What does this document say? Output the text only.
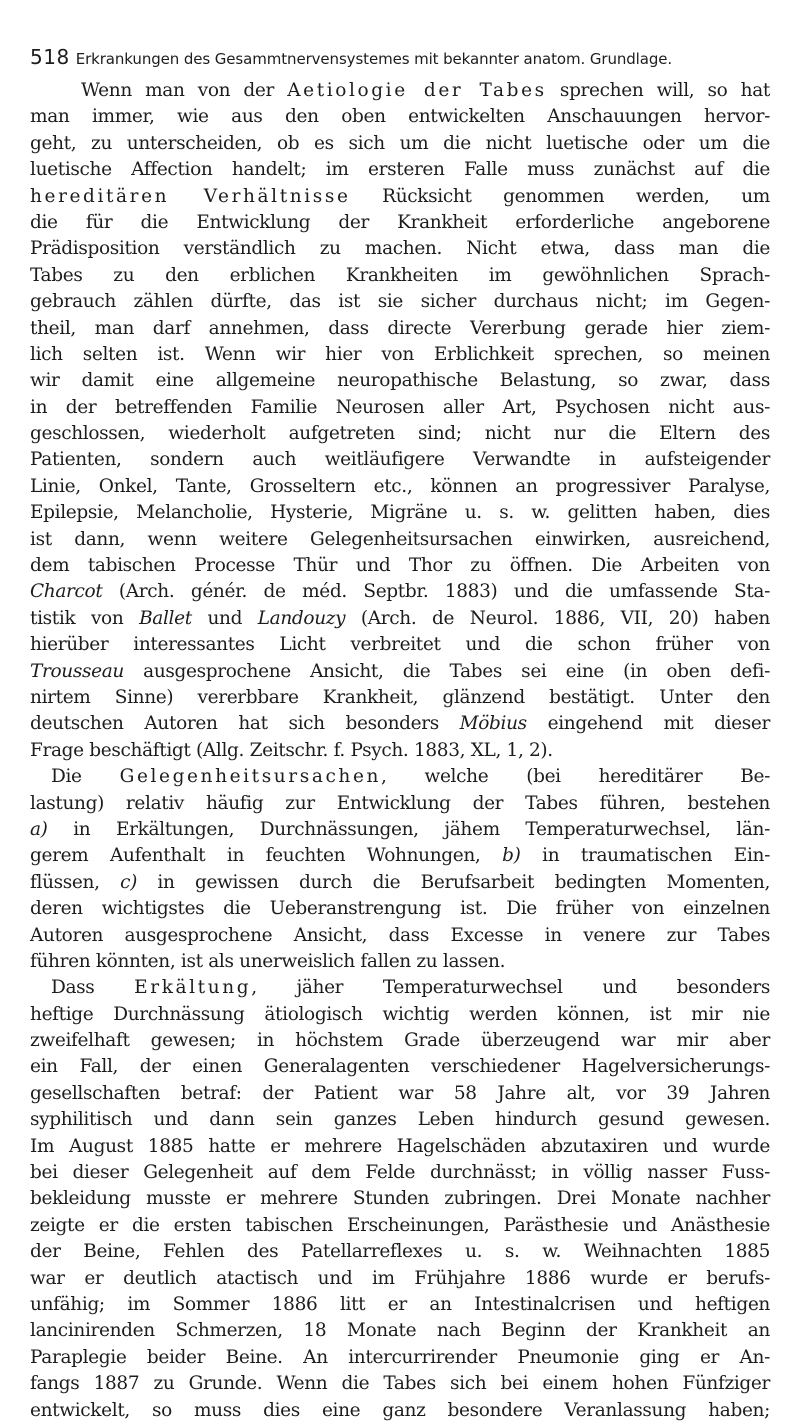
518 Erkrankungen des Gesammtnervensystemes mit bekannter anatom. Grundlage.
Wenn man von der Aetiologie der Tabes sprechen will, so hat
man immer, wie aus den oben entwickelten Anschauungen hervor-
geht, zu unterscheiden, ob es sich um die nicht luetische oder um die
luetische Affection handelt; im ersteren Falle muss zunächst auf die
hereditären Verhältnisse Rücksicht genommen werden, um
die für die Entwicklung der Krankheit erforderliche angeborene
Prädisposition verständlich zu machen. Nicht etwa, dass man die
Tabes zu den erblichen Krankheiten im gewöhnlichen Sprach-
gebrauch zählen dürfte, das ist sie sicher durchaus nicht; im Gegen-
theil, man darf annehmen, dass directe Vererbung gerade hier ziem-
lich selten ist. Wenn wir hier von Erblichkeit sprechen, so meinen
wir damit eine allgemeine neuropathische Belastung, so zwar, dass
in der betreffenden Familie Neurosen aller Art, Psychosen nicht aus-
geschlossen, wiederholt aufgetreten sind; nicht nur die Eltern des
Patienten, sondern auch weitläufigere Verwandte in aufsteigender
Linie, Onkel, Tante, Grosseltern etc., können an progressiver Paralyse,
Epilepsie, Melancholie, Hysterie, Migräne u. s. w. gelitten haben, dies
ist dann, wenn weitere Gelegenheitsursachen einwirken, ausreichend,
dem tabischen Processe Thür und Thor zu öffnen. Die Arbeiten von
Charcot (Arch. génér. de méd. Septbr. 1883) und die umfassende Sta-
tistik von Ballet und Landouzy (Arch. de Neurol. 1886, VII, 20) haben
hierüber interessantes Licht verbreitet und die schon früher von
Trousseau ausgesprochene Ansicht, die Tabes sei eine (in oben defi-
nirtem Sinne) vererbbare Krankheit, glänzend bestätigt. Unter den
deutschen Autoren hat sich besonders Möbius eingehend mit dieser
Frage beschäftigt (Allg. Zeitschr. f. Psych. 1883, XL, 1, 2).
Die Gelegenheitsursachen, welche (bei hereditärer Be-
lastung) relativ häufig zur Entwicklung der Tabes führen, bestehen
a) in Erkältungen, Durchnässungen, jähem Temperaturwechsel, län-
gerem Aufenthalt in feuchten Wohnungen, b) in traumatischen Ein-
flüssen, c) in gewissen durch die Berufsarbeit bedingten Momenten,
deren wichtigstes die Ueberanstrengung ist. Die früher von einzelnen
Autoren ausgesprochene Ansicht, dass Excesse in venere zur Tabes
führen könnten, ist als unerweislich fallen zu lassen.
Dass Erkältung, jäher Temperaturwechsel und besonders
heftige Durchnässung ätiologisch wichtig werden können, ist mir nie
zweifelhaft gewesen; in höchstem Grade überzeugend war mir aber
ein Fall, der einen Generalagenten verschiedener Hagelversicherungs-
gesellschaften betraf: der Patient war 58 Jahre alt, vor 39 Jahren
syphilitisch und dann sein ganzes Leben hindurch gesund gewesen.
Im August 1885 hatte er mehrere Hagelschäden abzutaxiren und wurde
bei dieser Gelegenheit auf dem Felde durchnässt; in völlig nasser Fuss-
bekleidung musste er mehrere Stunden zubringen. Drei Monate nachher
zeigte er die ersten tabischen Erscheinungen, Parästhesie und Anästhesie
der Beine, Fehlen des Patellarreflexes u. s. w. Weihnachten 1885
war er deutlich atactisch und im Frühjahre 1886 wurde er berufs-
unfähig; im Sommer 1886 litt er an Intestinalcrisen und heftigen
lancinirenden Schmerzen, 18 Monate nach Beginn der Krankheit an
Paraplegie beider Beine. An intercurrirender Pneumonie ging er An-
fangs 1887 zu Grunde. Wenn die Tabes sich bei einem hohen Fünfziger
entwickelt, so muss dies eine ganz besondere Veranlassung haben;
